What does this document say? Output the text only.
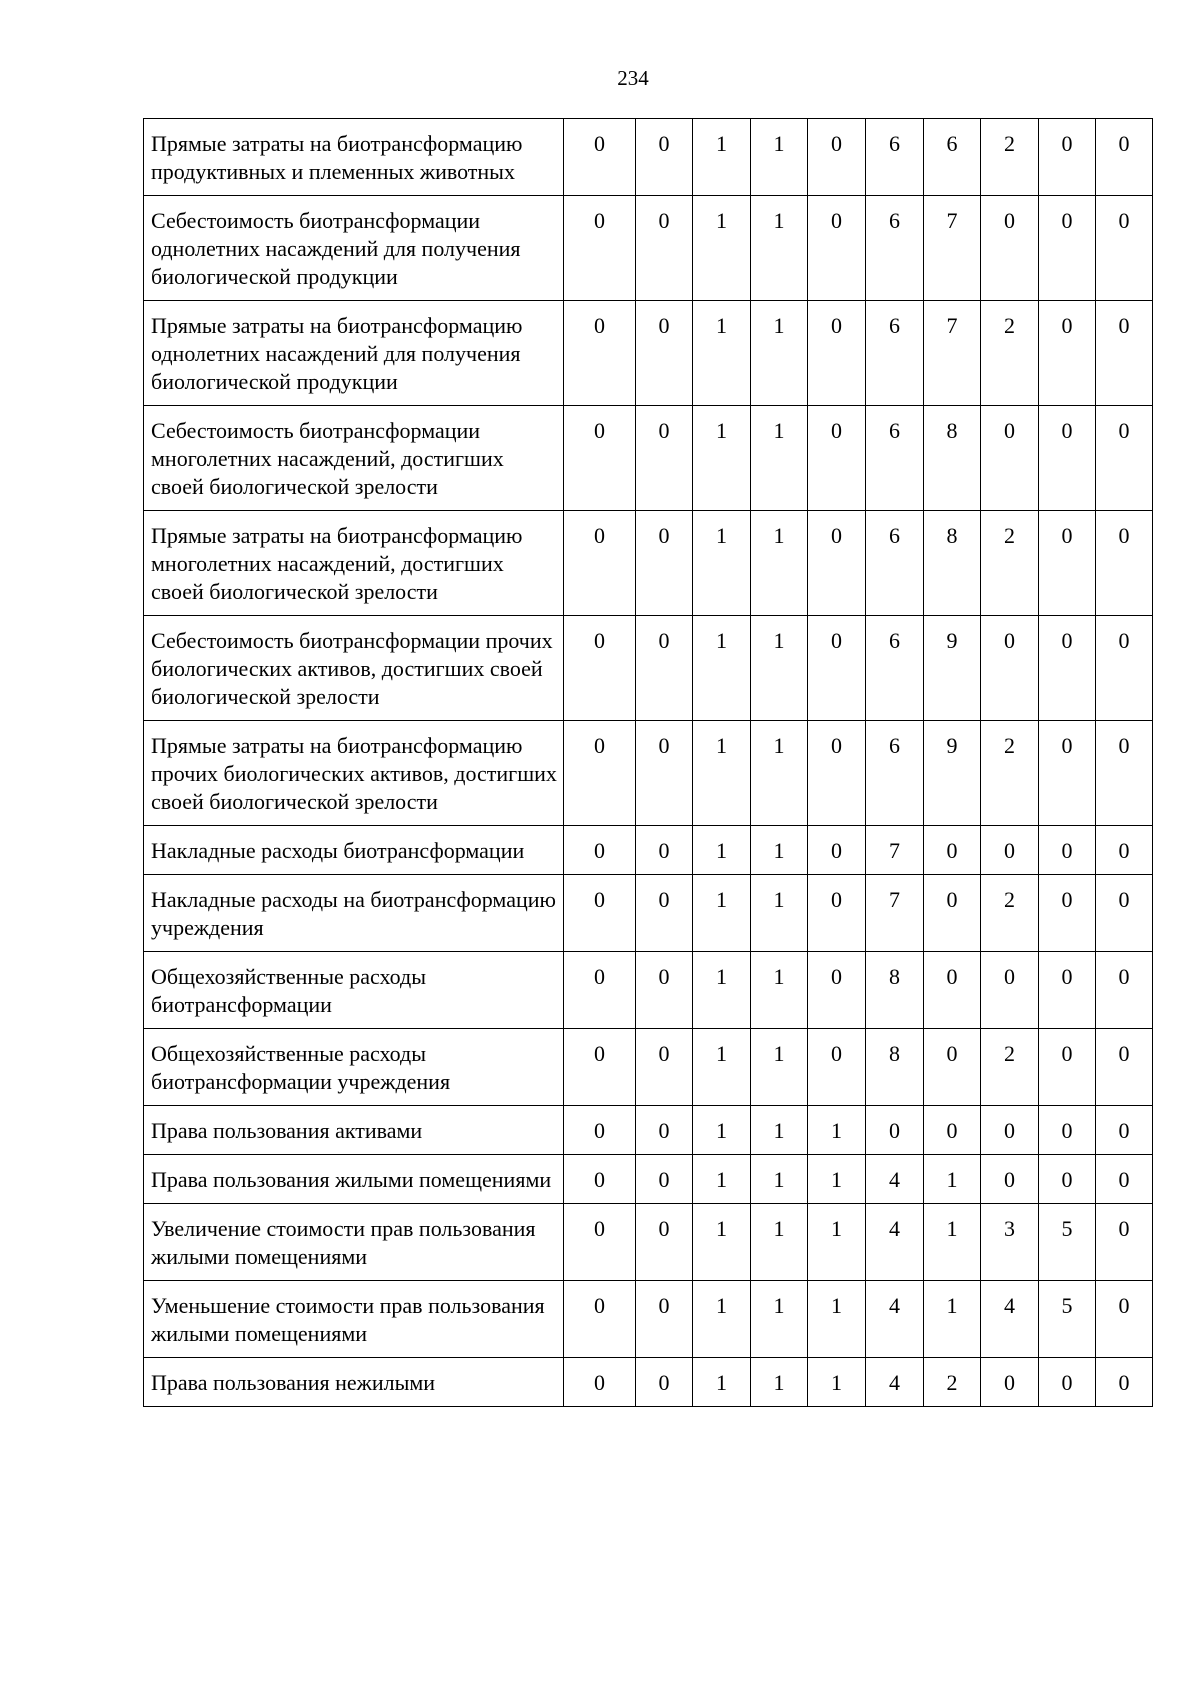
234
Прямые затраты на биотрансформацию продуктивных и племенных животных	0	0	1	1	0	6	6	2	0	0
Себестоимость биотрансформации однолетних насаждений для получения биологической продукции	0	0	1	1	0	6	7	0	0	0
Прямые затраты на биотрансформацию однолетних насаждений для получения биологической продукции	0	0	1	1	0	6	7	2	0	0
Себестоимость биотрансформации многолетних насаждений, достигших своей биологической зрелости	0	0	1	1	0	6	8	0	0	0
Прямые затраты на биотрансформацию многолетних насаждений, достигших своей биологической зрелости	0	0	1	1	0	6	8	2	0	0
Себестоимость биотрансформации прочих биологических активов, достигших своей биологической зрелости	0	0	1	1	0	6	9	0	0	0
Прямые затраты на биотрансформацию прочих биологических активов, достигших своей биологической зрелости	0	0	1	1	0	6	9	2	0	0
Накладные расходы биотрансформации	0	0	1	1	0	7	0	0	0	0
Накладные расходы на биотрансформацию учреждения	0	0	1	1	0	7	0	2	0	0
Общехозяйственные расходы биотрансформации	0	0	1	1	0	8	0	0	0	0
Общехозяйственные расходы биотрансформации учреждения	0	0	1	1	0	8	0	2	0	0
Права пользования активами	0	0	1	1	1	0	0	0	0	0
Права пользования жилыми помещениями	0	0	1	1	1	4	1	0	0	0
Увеличение стоимости прав пользования жилыми помещениями	0	0	1	1	1	4	1	3	5	0
Уменьшение стоимости прав пользования жилыми помещениями	0	0	1	1	1	4	1	4	5	0
Права пользования нежилыми	0	0	1	1	1	4	2	0	0	0
